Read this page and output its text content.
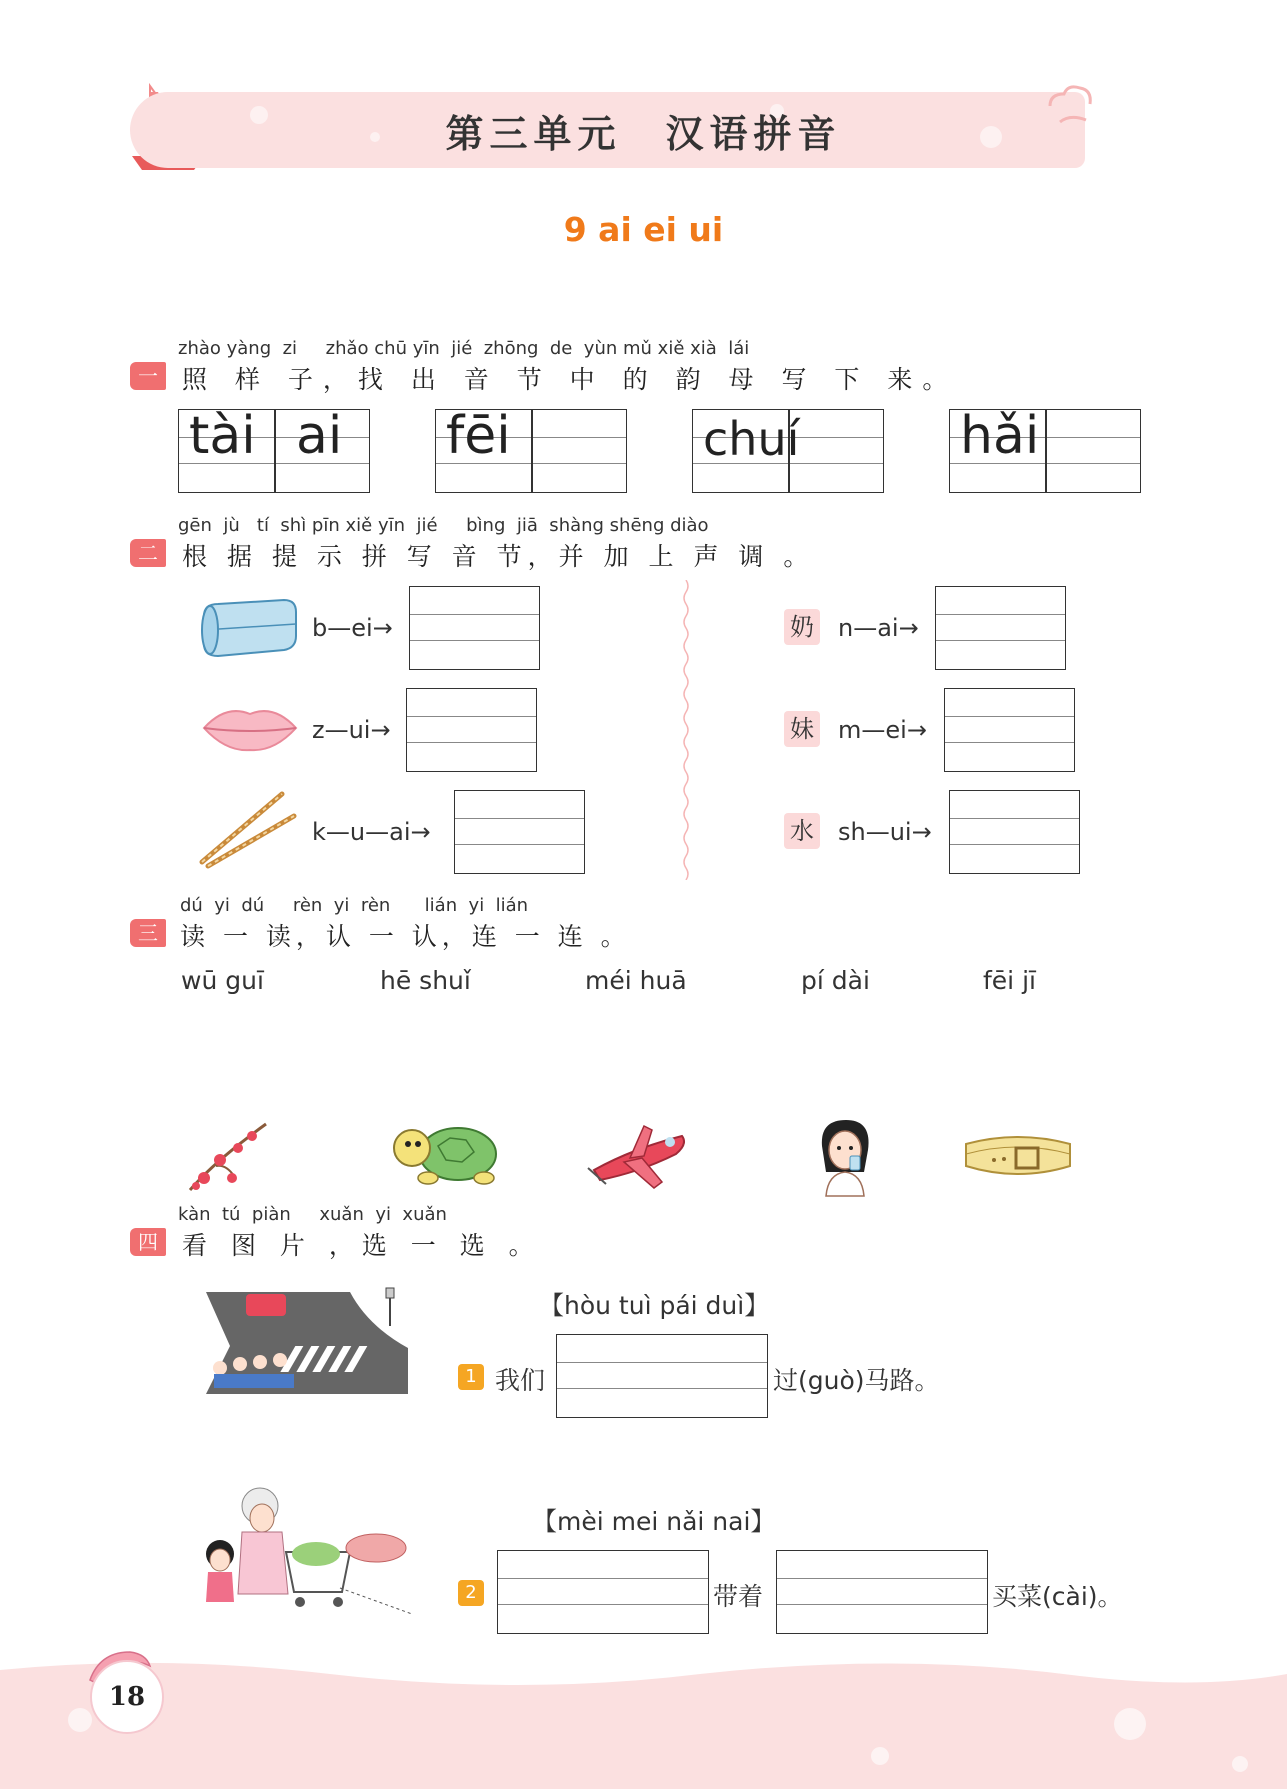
第三单元　汉语拼音
9 ai ei ui
zhào yàng  zi     zhǎo chū yīn  jié  zhōng  de  yùn mǔ xiě xià  lái
一 照 样 子，找 出 音 节 中 的 韵 母 写 下 来。
tài ai fēi	chuí	hǎi
gēn  jù   tí  shì pīn xiě yīn  jié     bìng  jiā  shàng shēng diào
二 根 据 提 示 拼 写 音 节，并 加 上 声 调 。
b—ei→
z—ui→
k—u—ai→
奶 n—ai→
妹 m—ei→
水 sh—ui→
dú  yi  dú     rèn  yi  rèn      lián  yi  lián
三 读 一 读，认 一 认，连 一 连 。
wū guī	hē shuǐ	méi huā	pí dài	fēi jī
kàn  tú  piàn     xuǎn  yi  xuǎn
四 看 图 片 ，选 一 选 。
【hòu tuì pái duì】
1 我们	过(guò)马路。
【mèi mei nǎi nai】
2	带着	买菜(cài)。
18
